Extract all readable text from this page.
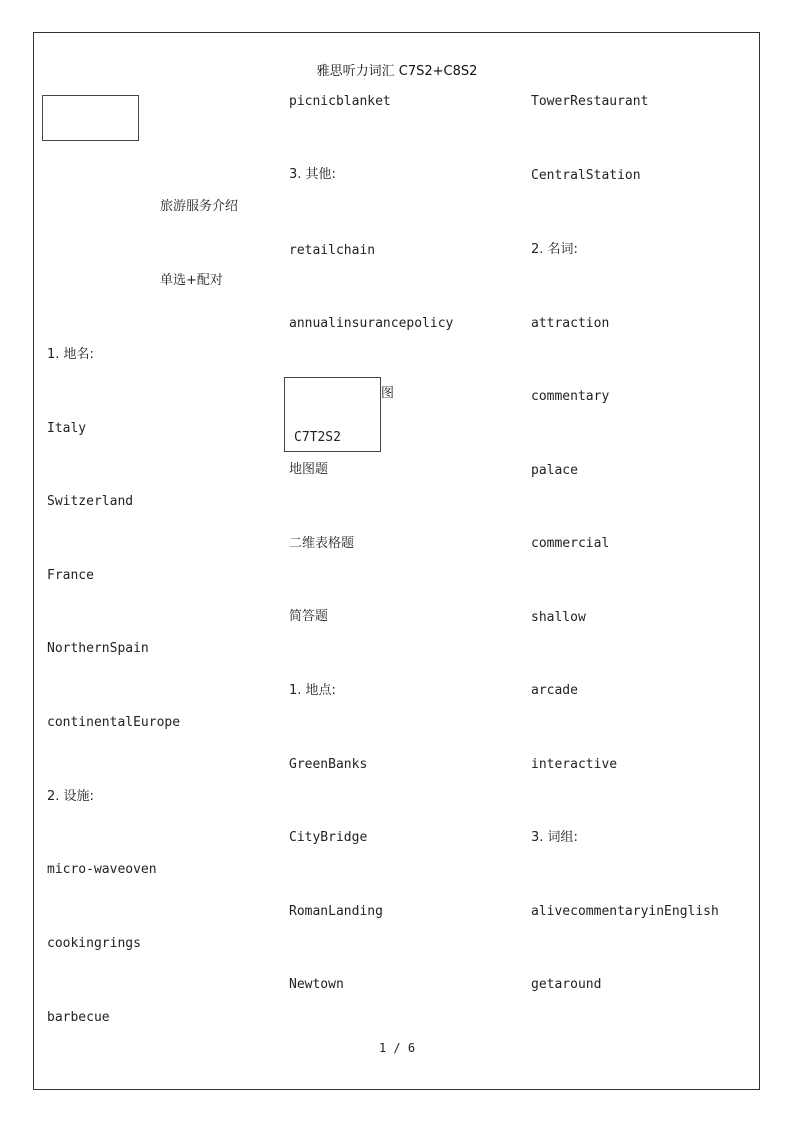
雅思听力词汇 C7S2+C8S2
旅游服务介绍
单选+配对
1. 地名:
Italy
Switzerland
France
NorthernSpain
continentalEurope
2. 设施:
micro-waveoven
cookingrings
barbecue
picnicblanket
3. 其他:
retailchain
annualinsurancepolicy
图
C7T2S2
地图题
二维表格题
简答题
1. 地点:
GreenBanks
CityBridge
RomanLanding
Newtown
TowerRestaurant
CentralStation
2. 名词:
attraction
commentary
palace
commercial
shallow
arcade
interactive
3. 词组:
alivecommentaryinEnglish
getaround
1 / 6
